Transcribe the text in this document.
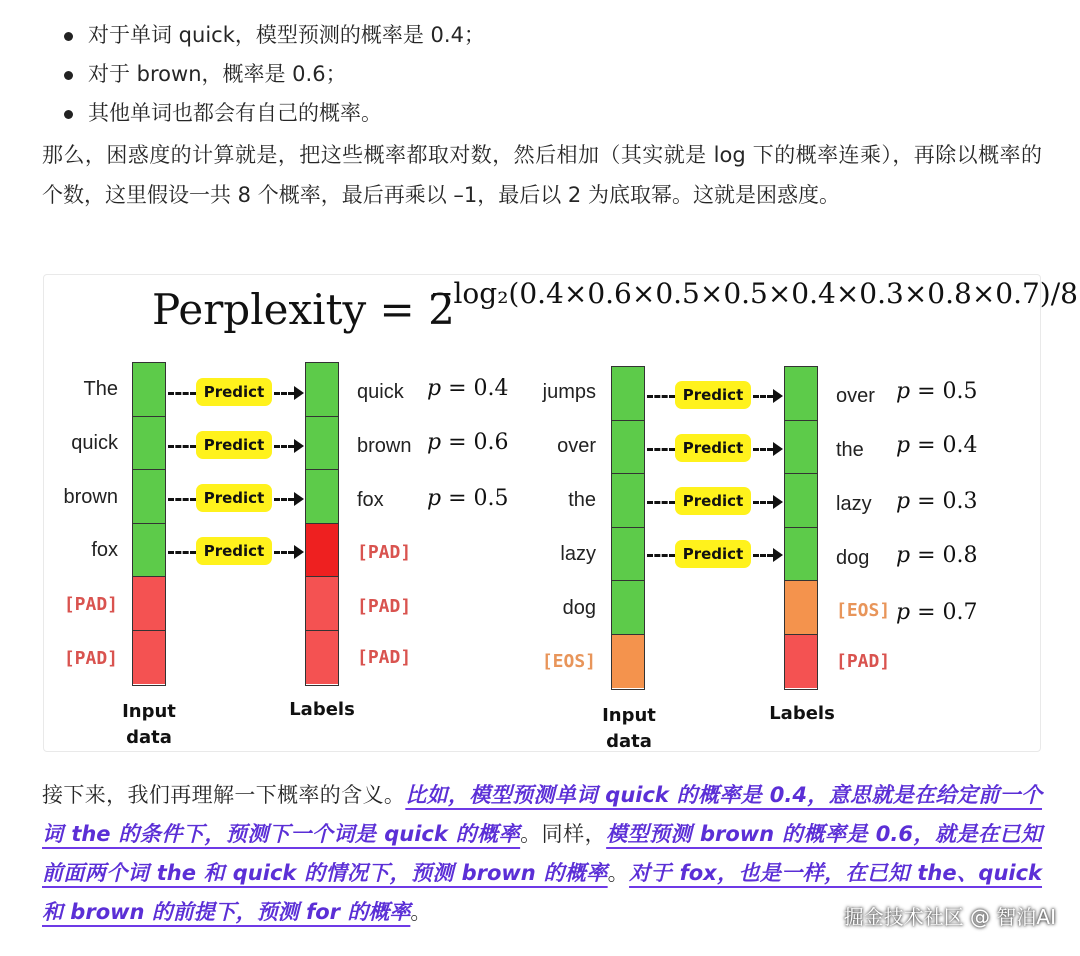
对于单词 quick，模型预测的概率是 0.4；
对于 brown，概率是 0.6；
其他单词也都会有自己的概率。

那么，困惑度的计算就是，把这些概率都取对数，然后相加（其实就是 log 下的概率连乘），再除以概率的个数，这里假设一共 8 个概率，最后再乘以 –1，最后以 2 为底取幂。这就是困惑度。

Perplexity = 2
−log₂(0.4×0.6×0.5×0.5×0.4×0.3×0.8×0.7)/8
The
quick
brown
fox
[PAD]
[PAD]
Predict
Predict
Predict
Predict
quick
brown
fox
[PAD]
[PAD]
[PAD]
p = 0.4
p = 0.6
p = 0.5
Input data
Labels
jumps
over
the
lazy
dog
[EOS]
Predict
Predict
Predict
Predict
over
the
lazy
dog
[EOS]
[PAD]
p = 0.5
p = 0.4
p = 0.3
p = 0.8
p = 0.7
Input data
Labels

接下来，我们再理解一下概率的含义。比如，模型预测单词 quick 的概率是 0.4，意思就是在给定前一个词 the 的条件下，预测下一个词是 quick 的概率。同样，模型预测 brown 的概率是 0.6，就是在已知前面两个词 the 和 quick 的情况下，预测 brown 的概率。对于 fox，也是一样，在已知 the、quick 和 brown 的前提下，预测 for 的概率。	掘金技术社区 @ 智泊AI
